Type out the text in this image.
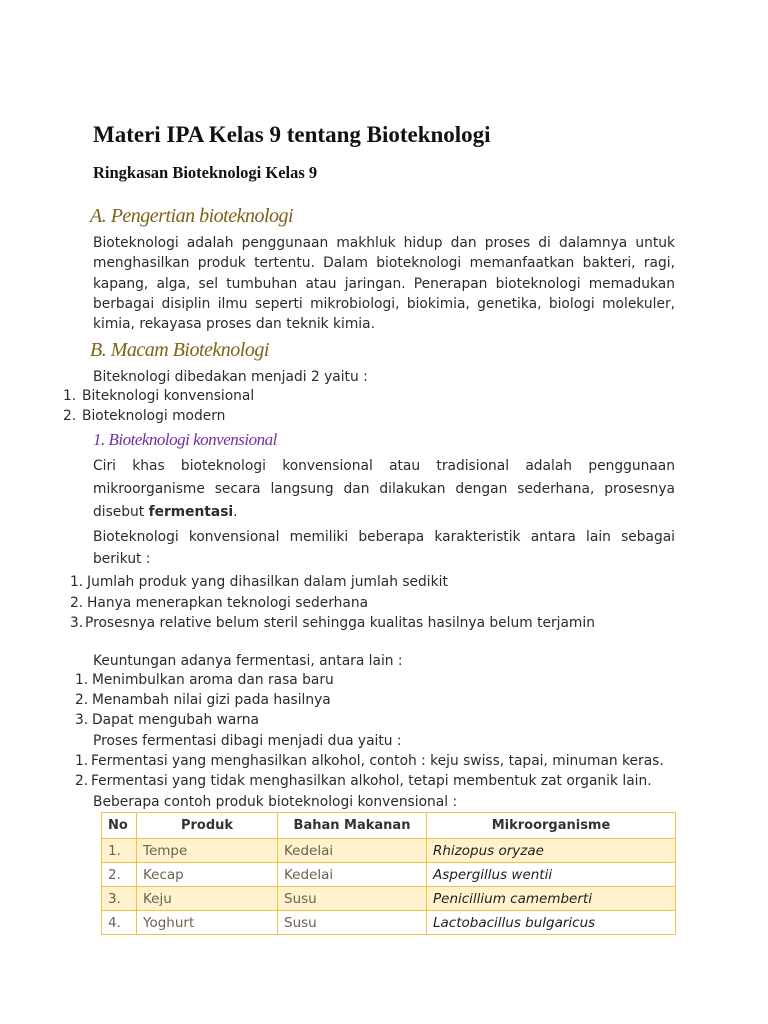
Materi IPA Kelas 9 tentang Bioteknologi
Ringkasan Bioteknologi Kelas 9
A. Pengertian bioteknologi
Bioteknologi adalah penggunaan makhluk hidup dan proses di dalamnya untuk
menghasilkan produk tertentu. Dalam bioteknologi memanfaatkan bakteri, ragi,
kapang, alga, sel tumbuhan atau jaringan. Penerapan bioteknologi memadukan
berbagai disiplin ilmu seperti mikrobiologi, biokimia, genetika, biologi molekuler,
kimia, rekayasa proses dan teknik kimia.
B. Macam Bioteknologi
Biteknologi dibedakan menjadi 2 yaitu :
1. Biteknologi konvensional
2. Bioteknologi modern
1. Bioteknologi konvensional
Ciri khas bioteknologi konvensional atau tradisional adalah penggunaan
mikroorganisme secara langsung dan dilakukan dengan sederhana, prosesnya
disebut fermentasi.
Bioteknologi konvensional memiliki beberapa karakteristik antara lain sebagai
berikut :
1. Jumlah produk yang dihasilkan dalam jumlah sedikit
2. Hanya menerapkan teknologi sederhana
3. Prosesnya relative belum steril sehingga kualitas hasilnya belum terjamin
Keuntungan adanya fermentasi, antara lain :
1. Menimbulkan aroma dan rasa baru
2. Menambah nilai gizi pada hasilnya
3. Dapat mengubah warna
Proses fermentasi dibagi menjadi dua yaitu :
1. Fermentasi yang menghasilkan alkohol, contoh : keju swiss, tapai, minuman keras.
2. Fermentasi yang tidak menghasilkan alkohol, tetapi membentuk zat organik lain.
Beberapa contoh produk bioteknologi konvensional :
No	Produk	Bahan Makanan	Mikroorganisme
1.	Tempe	Kedelai	Rhizopus oryzae
2.	Kecap	Kedelai	Aspergillus wentii
3.	Keju	Susu	Penicillium camemberti
4.	Yoghurt	Susu	Lactobacillus bulgaricus
